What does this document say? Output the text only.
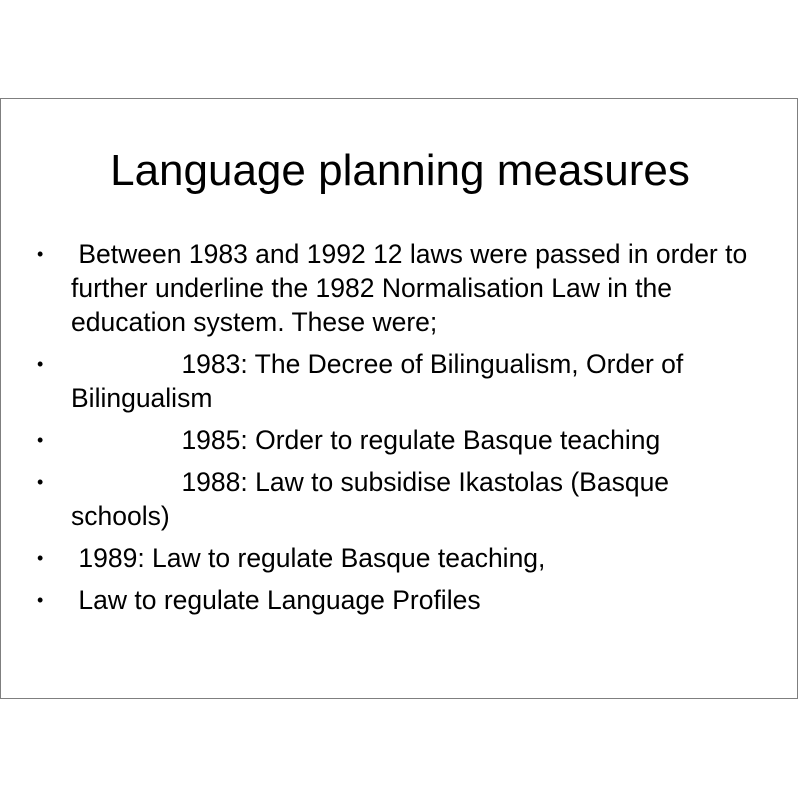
Language planning measures
• Between 1983 and 1992 12 laws were passed in order to further underline the 1982 Normalisation Law in the education system. These were;
•	1983: The Decree of Bilingualism, Order of Bilingualism
•	1985: Order to regulate Basque teaching
•	1988: Law to subsidise Ikastolas (Basque schools)
• 1989: Law to regulate Basque teaching,
• Law to regulate Language Profiles
